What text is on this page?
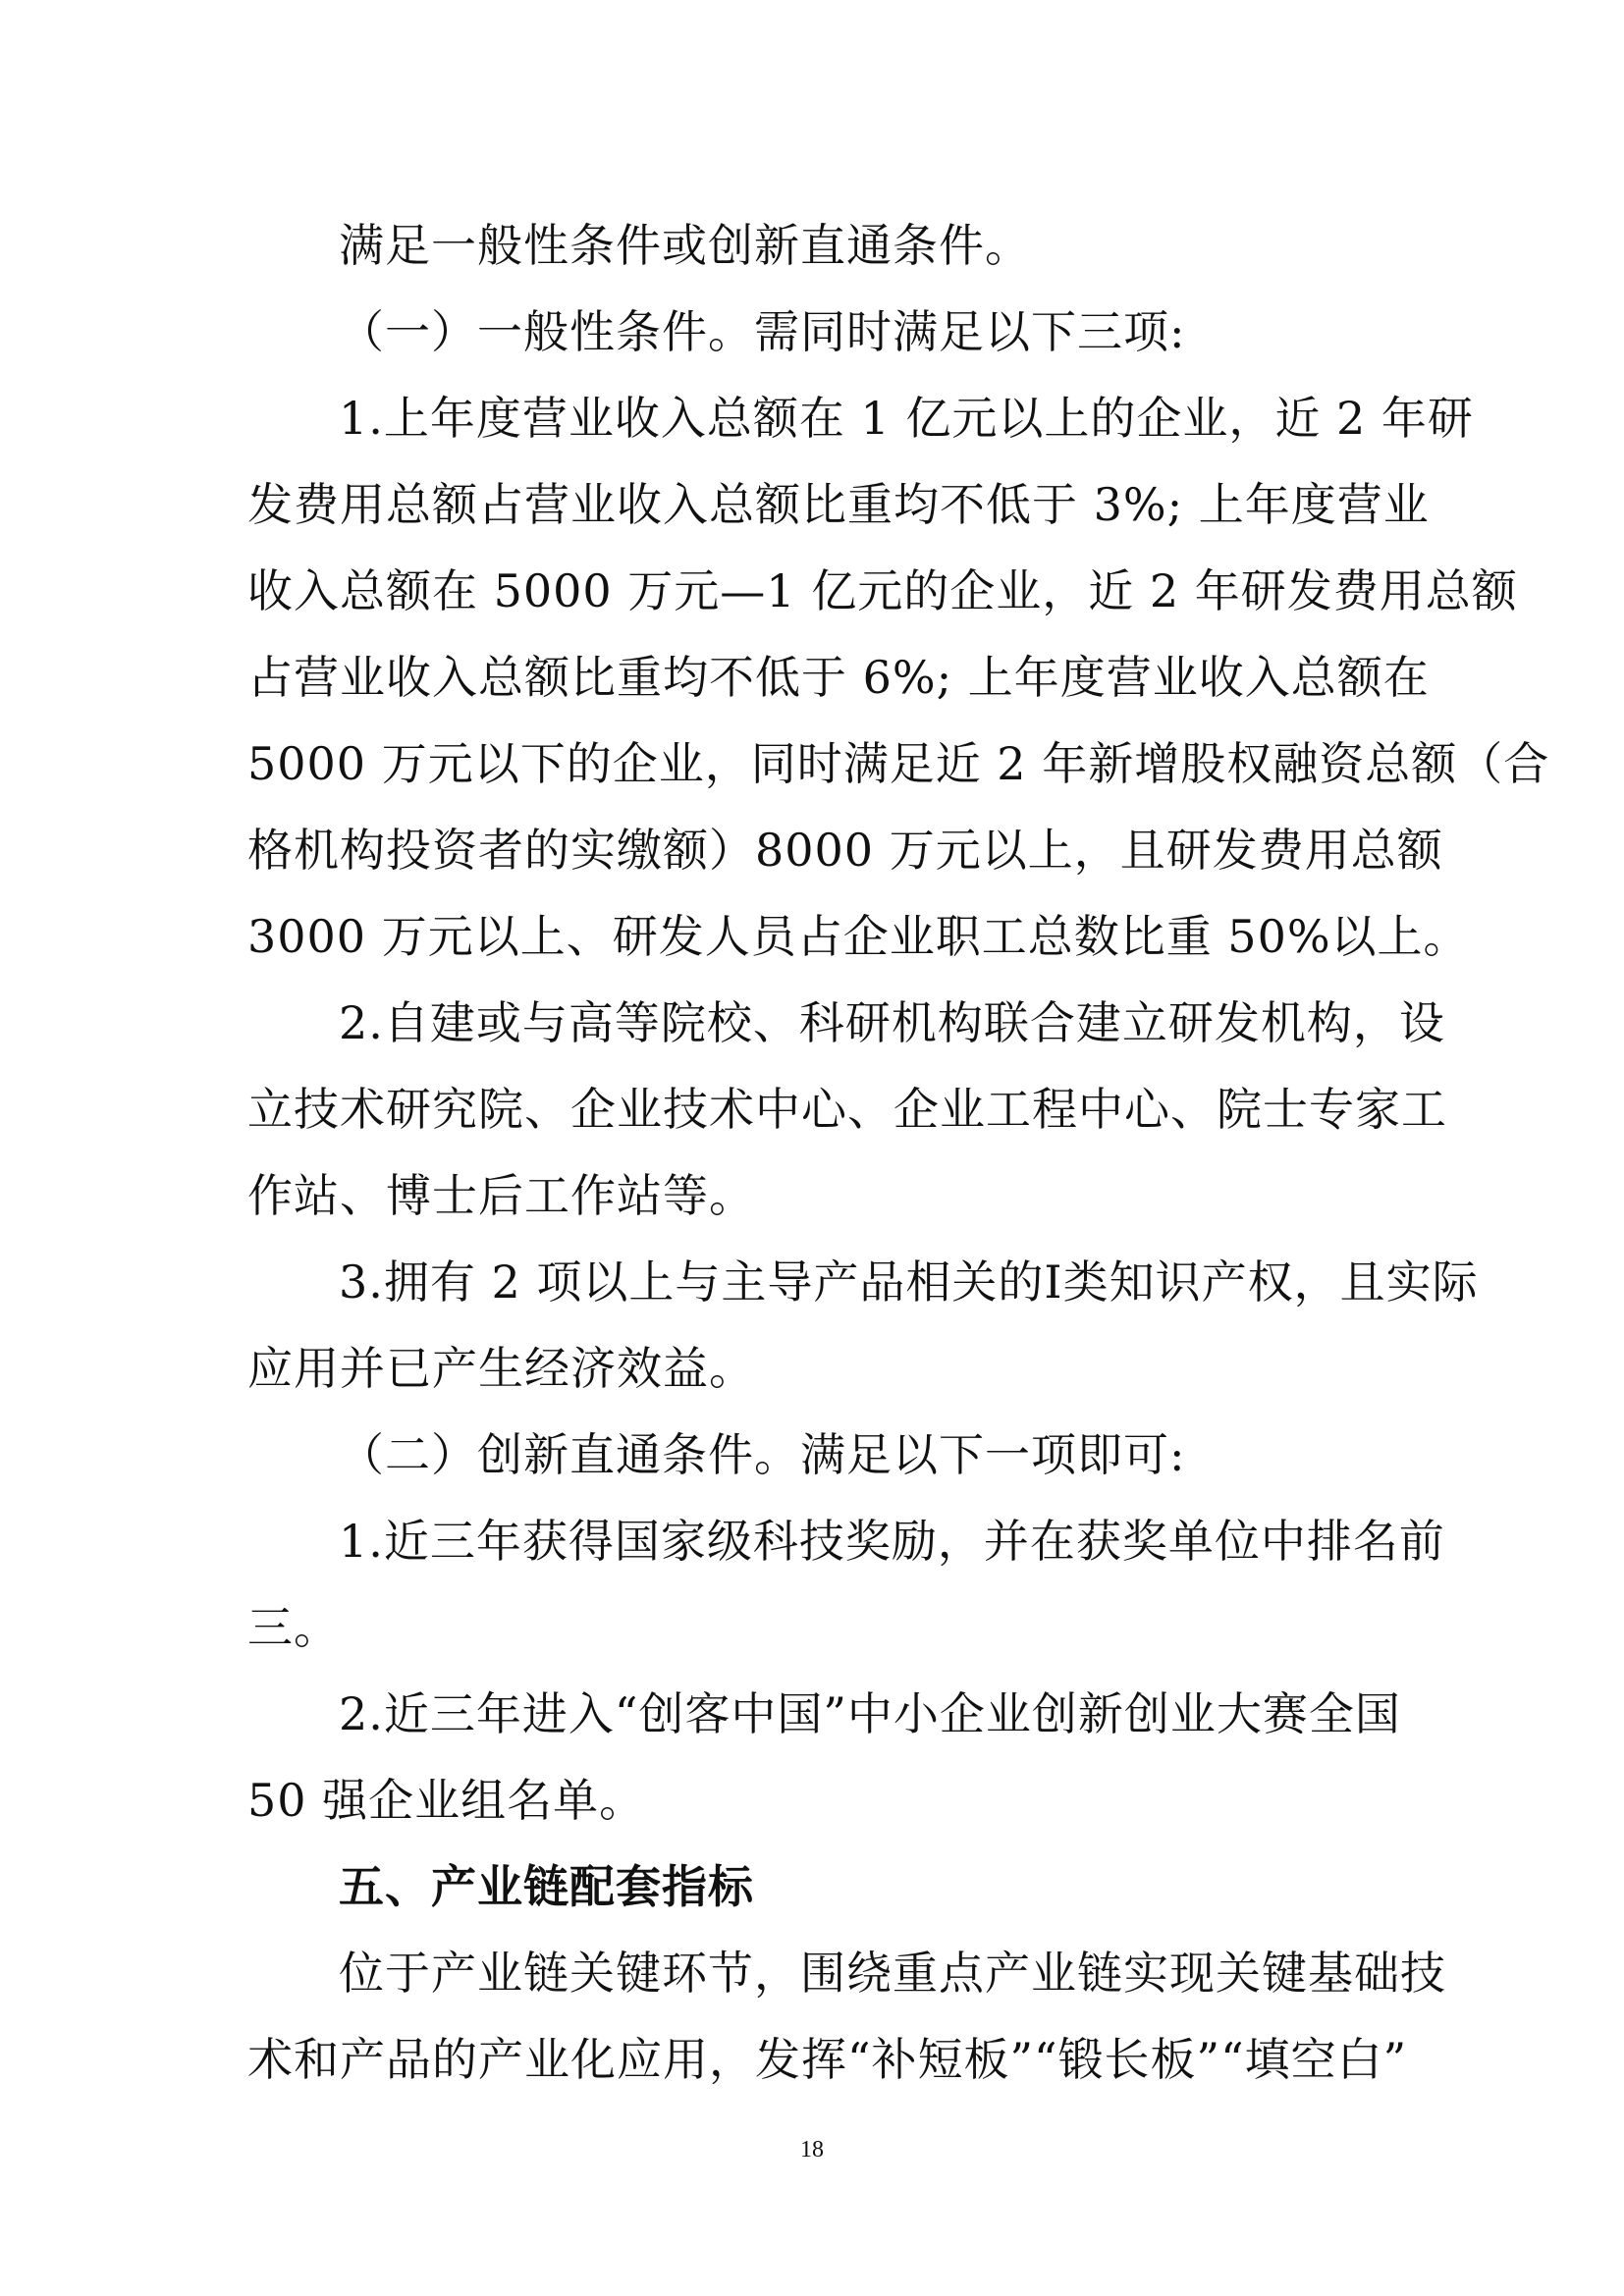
满足一般性条件或创新直通条件。
（一）一般性条件。需同时满足以下三项:
1.上年度营业收入总额在 1 亿元以上的企业，近 2 年研
发费用总额占营业收入总额比重均不低于 3%; 上年度营业
收入总额在 5000 万元—1 亿元的企业，近 2 年研发费用总额
占营业收入总额比重均不低于 6%; 上年度营业收入总额在
5000 万元以下的企业，同时满足近 2 年新增股权融资总额（合
格机构投资者的实缴额）8000 万元以上，且研发费用总额
3000 万元以上、研发人员占企业职工总数比重 50%以上。
2.自建或与高等院校、科研机构联合建立研发机构，设
立技术研究院、企业技术中心、企业工程中心、院士专家工
作站、博士后工作站等。
3.拥有 2 项以上与主导产品相关的I类知识产权，且实际
应用并已产生经济效益。
（二）创新直通条件。满足以下一项即可:
1.近三年获得国家级科技奖励，并在获奖单位中排名前
三。
2.近三年进入“创客中国”中小企业创新创业大赛全国
50 强企业组名单。
五、产业链配套指标
位于产业链关键环节，围绕重点产业链实现关键基础技
术和产品的产业化应用，发挥“补短板”“锻长板”“填空白”
18
